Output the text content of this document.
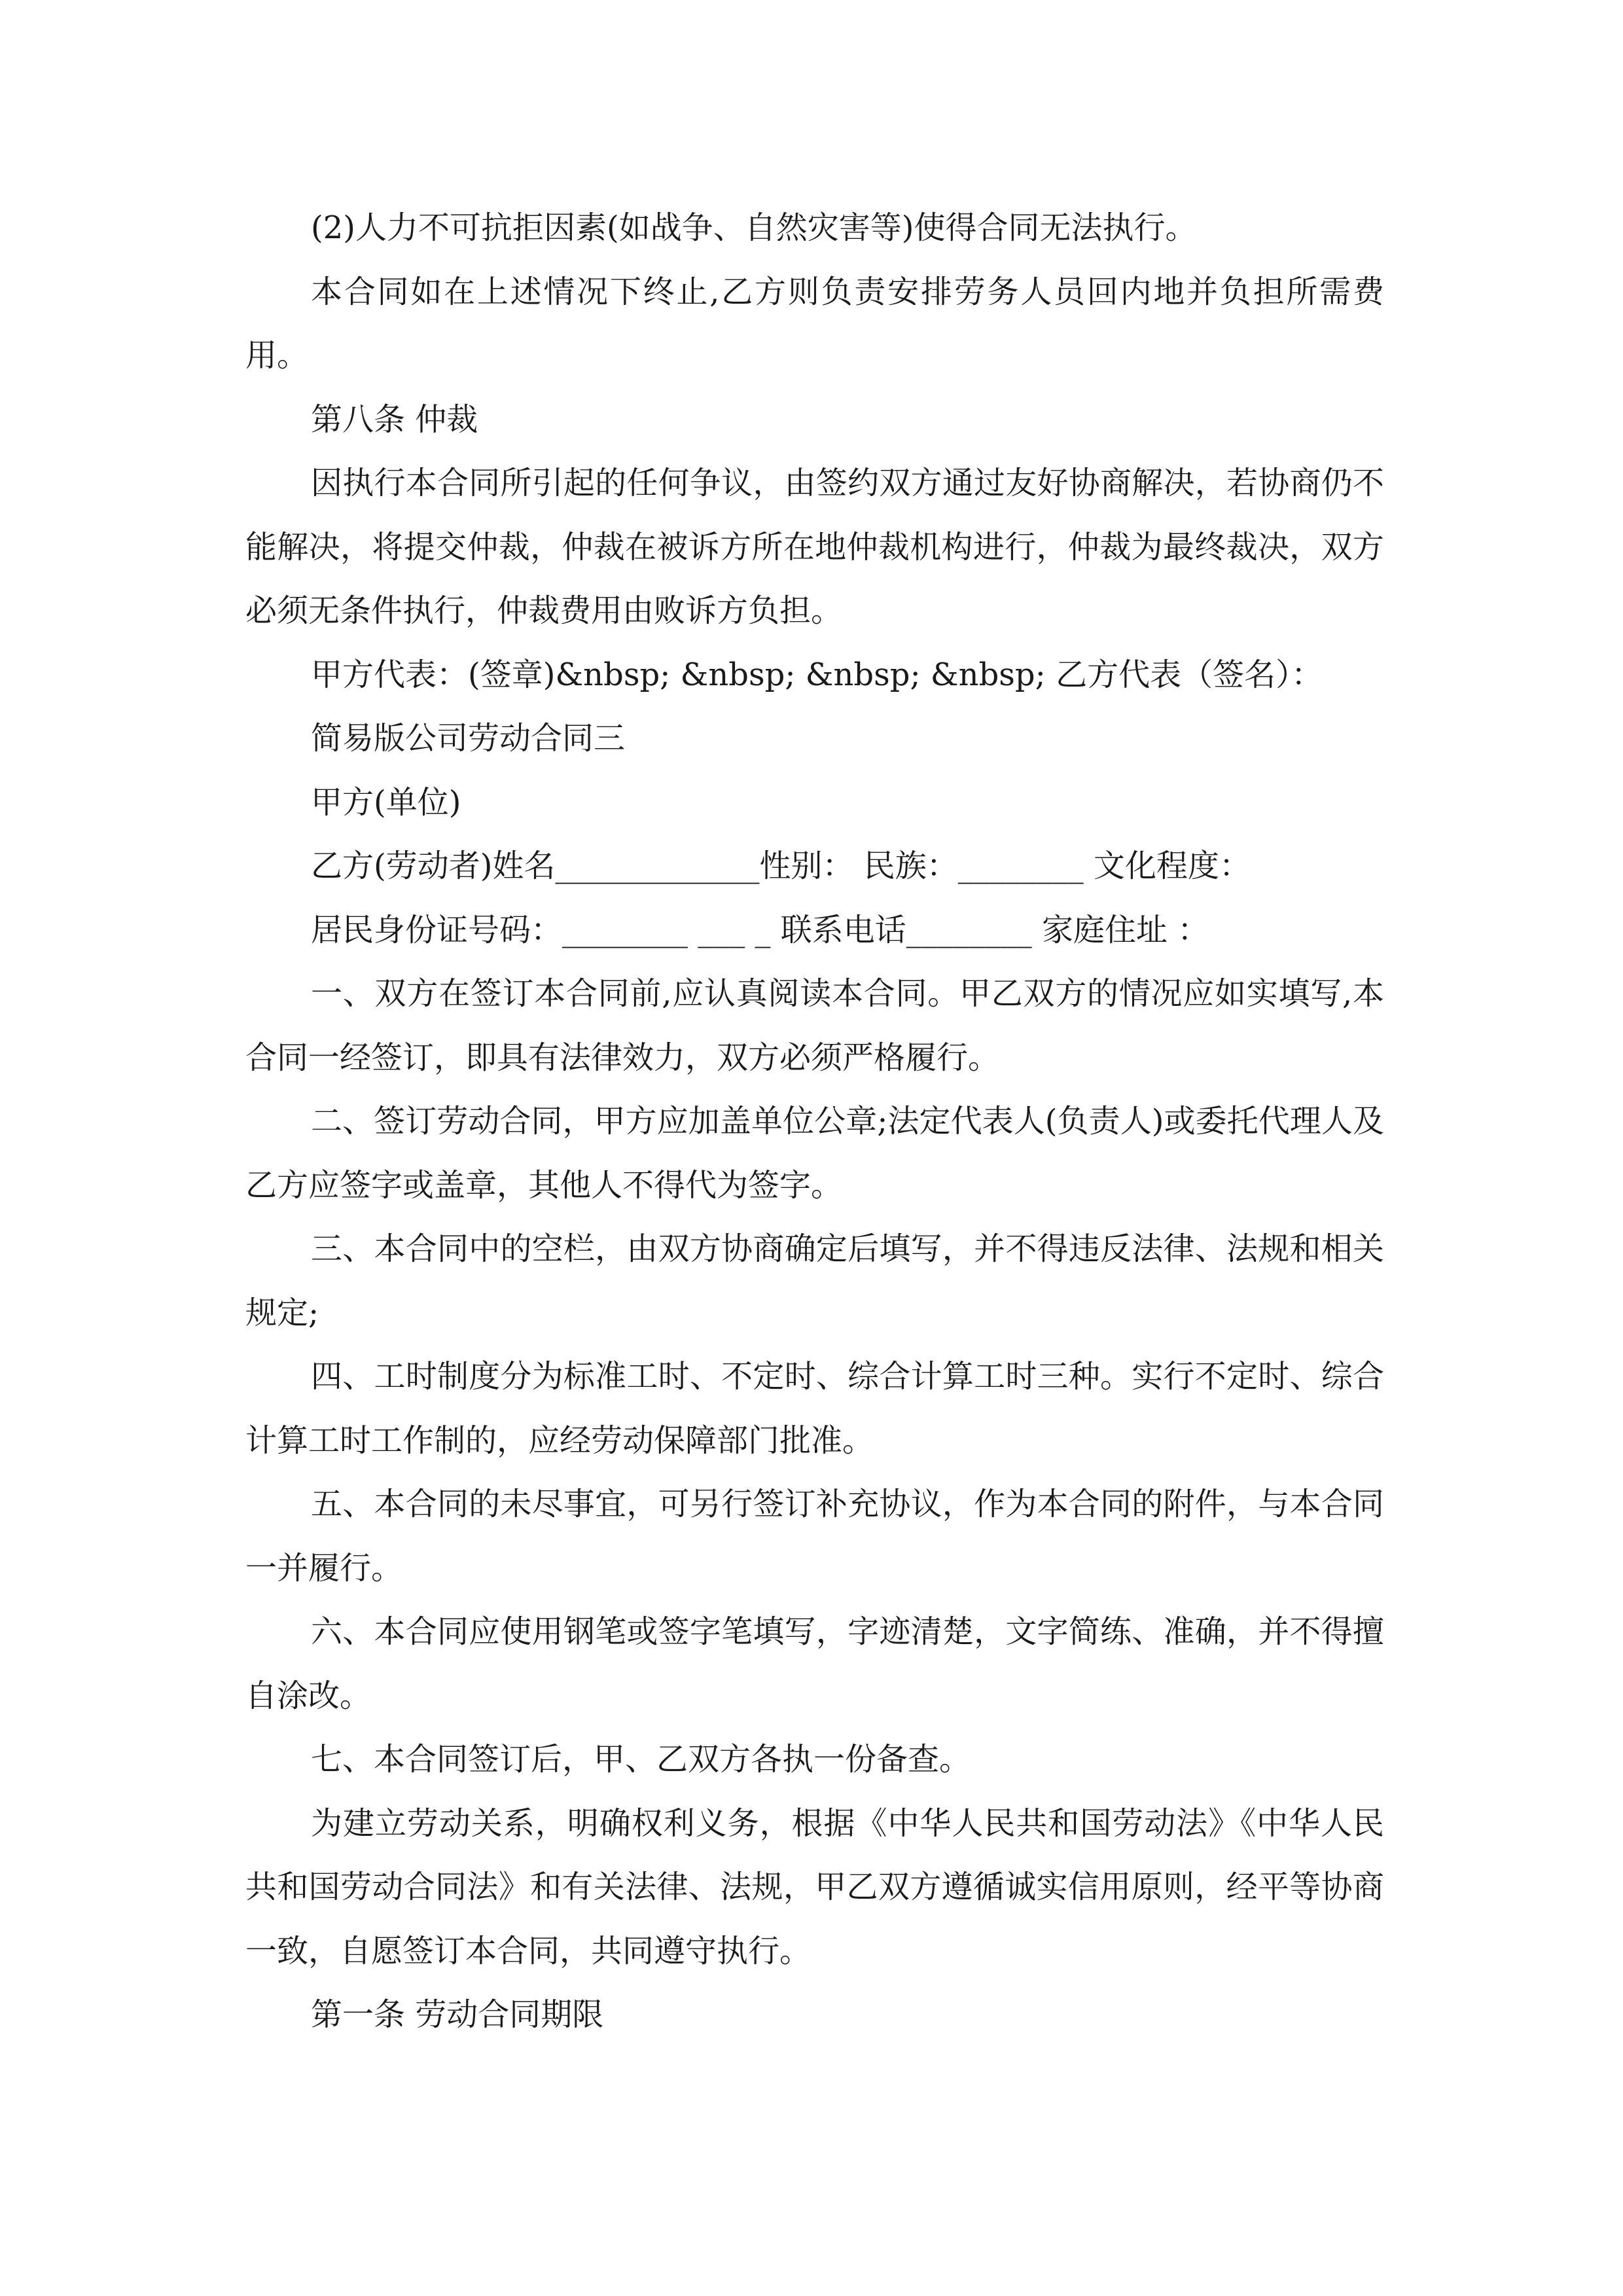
(2)人力不可抗拒因素(如战争、自然灾害等)使得合同无法执行。

本合同如在上述情况下终止,乙方则负责安排劳务人员回内地并负担所需费用。

第八条 仲裁

因执行本合同所引起的任何争议，由签约双方通过友好协商解决，若协商仍不能解决，将提交仲裁，仲裁在被诉方所在地仲裁机构进行，仲裁为最终裁决，双方必须无条件执行，仲裁费用由败诉方负担。

甲方代表：(签章)&nbsp; &nbsp; &nbsp; &nbsp; 乙方代表（签名）：

简易版公司劳动合同三

甲方(单位)

乙方(劳动者)姓名_____________性别： 民族：________ 文化程度：

居民身份证号码：________ ___ _ 联系电话________ 家庭住址 ：

一、双方在签订本合同前,应认真阅读本合同。甲乙双方的情况应如实填写,本合同一经签订，即具有法律效力，双方必须严格履行。

二、签订劳动合同，甲方应加盖单位公章;法定代表人(负责人)或委托代理人及乙方应签字或盖章，其他人不得代为签字。

三、本合同中的空栏，由双方协商确定后填写，并不得违反法律、法规和相关规定;

四、工时制度分为标准工时、不定时、综合计算工时三种。实行不定时、综合计算工时工作制的，应经劳动保障部门批准。

五、本合同的未尽事宜，可另行签订补充协议，作为本合同的附件，与本合同一并履行。

六、本合同应使用钢笔或签字笔填写，字迹清楚，文字简练、准确，并不得擅自涂改。

七、本合同签订后，甲、乙双方各执一份备查。

为建立劳动关系，明确权利义务，根据《中华人民共和国劳动法》《中华人民共和国劳动合同法》和有关法律、法规，甲乙双方遵循诚实信用原则，经平等协商一致，自愿签订本合同，共同遵守执行。

第一条 劳动合同期限
